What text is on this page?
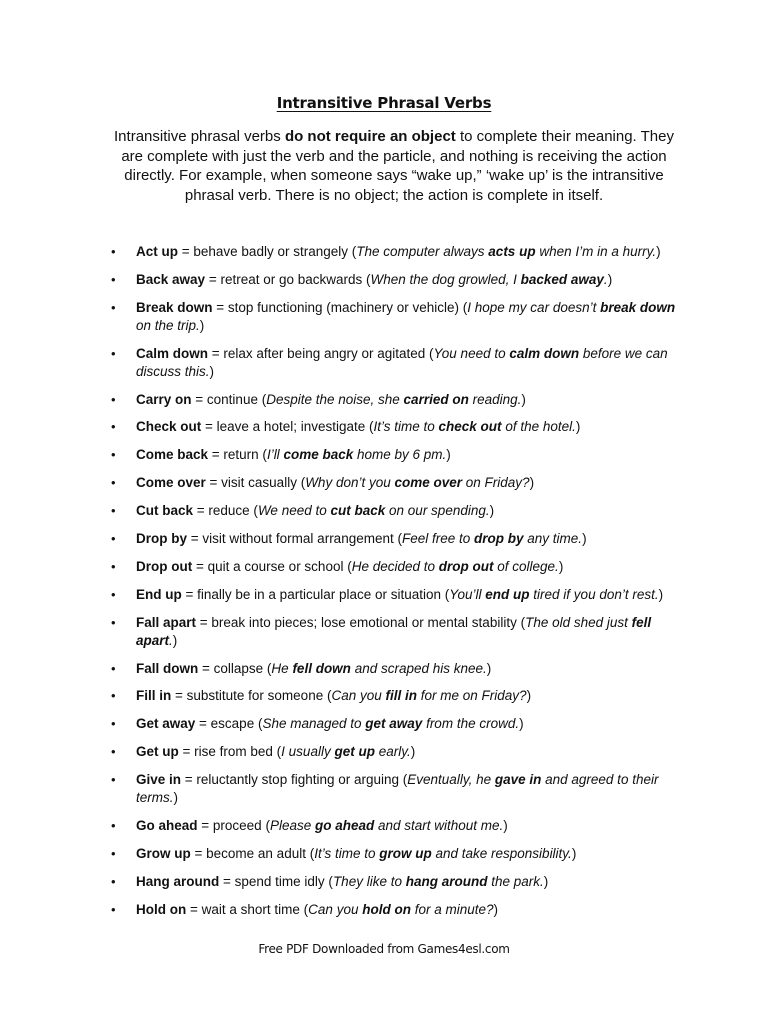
Intransitive Phrasal Verbs
Intransitive phrasal verbs do not require an object to complete their meaning. They are complete with just the verb and the particle, and nothing is receiving the action directly. For example, when someone says “wake up,” ‘wake up’ is the intransitive phrasal verb. There is no object; the action is complete in itself.
• Act up = behave badly or strangely (The computer always acts up when I’m in a hurry.)
• Back away = retreat or go backwards (When the dog growled, I backed away.)
• Break down = stop functioning (machinery or vehicle) (I hope my car doesn’t break down on the trip.)
• Calm down = relax after being angry or agitated (You need to calm down before we can discuss this.)
• Carry on = continue (Despite the noise, she carried on reading.)
• Check out = leave a hotel; investigate (It’s time to check out of the hotel.)
• Come back = return (I’ll come back home by 6 pm.)
• Come over = visit casually (Why don’t you come over on Friday?)
• Cut back = reduce (We need to cut back on our spending.)
• Drop by = visit without formal arrangement (Feel free to drop by any time.)
• Drop out = quit a course or school (He decided to drop out of college.)
• End up = finally be in a particular place or situation (You’ll end up tired if you don’t rest.)
• Fall apart = break into pieces; lose emotional or mental stability (The old shed just fell apart.)
• Fall down = collapse (He fell down and scraped his knee.)
• Fill in = substitute for someone (Can you fill in for me on Friday?)
• Get away = escape (She managed to get away from the crowd.)
• Get up = rise from bed (I usually get up early.)
• Give in = reluctantly stop fighting or arguing (Eventually, he gave in and agreed to their terms.)
• Go ahead = proceed (Please go ahead and start without me.)
• Grow up = become an adult (It’s time to grow up and take responsibility.)
• Hang around = spend time idly (They like to hang around the park.)
• Hold on = wait a short time (Can you hold on for a minute?)
Free PDF Downloaded from Games4esl.com
